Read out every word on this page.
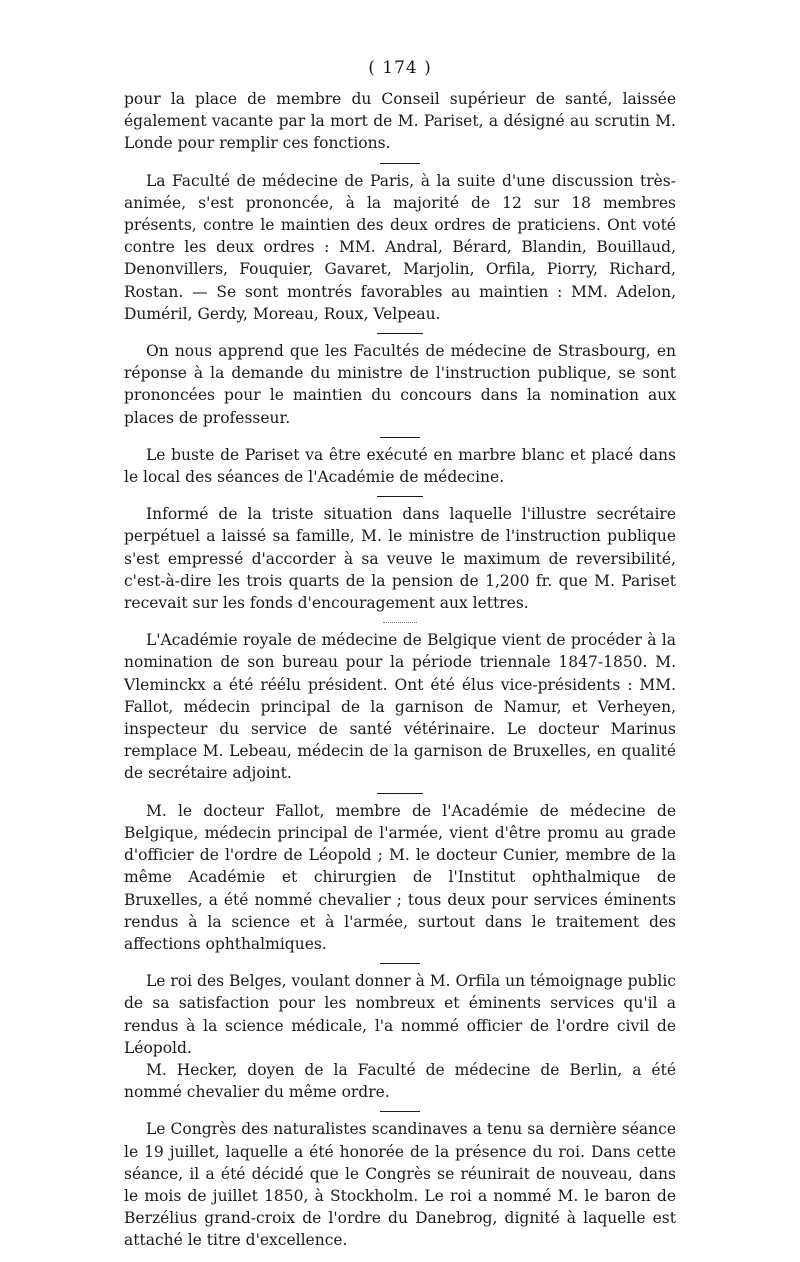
( 174 )

pour la place de membre du Conseil supérieur de santé, laissée également vacante par la mort de M. Pariset, a désigné au scrutin M. Londe pour remplir ces fonctions.

La Faculté de médecine de Paris, à la suite d'une discussion très-animée, s'est prononcée, à la majorité de 12 sur 18 membres présents, contre le maintien des deux ordres de praticiens. Ont voté contre les deux ordres : MM. Andral, Bérard, Blandin, Bouillaud, Denonvillers, Fouquier, Gavaret, Marjolin, Orfila, Piorry, Richard, Rostan. — Se sont montrés favorables au maintien : MM. Adelon, Duméril, Gerdy, Moreau, Roux, Velpeau.

On nous apprend que les Facultés de médecine de Strasbourg, en réponse à la demande du ministre de l'instruction publique, se sont prononcées pour le maintien du concours dans la nomination aux places de professeur.

Le buste de Pariset va être exécuté en marbre blanc et placé dans le local des séances de l'Académie de médecine.

Informé de la triste situation dans laquelle l'illustre secrétaire perpétuel a laissé sa famille, M. le ministre de l'instruction publique s'est empressé d'accorder à sa veuve le maximum de reversibilité, c'est-à-dire les trois quarts de la pension de 1,200 fr. que M. Pariset recevait sur les fonds d'encouragement aux lettres.

L'Académie royale de médecine de Belgique vient de procéder à la nomination de son bureau pour la période triennale 1847-1850. M. Vleminckx a été réélu président. Ont été élus vice-présidents : MM. Fallot, médecin principal de la garnison de Namur, et Verheyen, inspecteur du service de santé vétérinaire. Le docteur Marinus remplace M. Lebeau, médecin de la garnison de Bruxelles, en qualité de secrétaire adjoint.

M. le docteur Fallot, membre de l'Académie de médecine de Belgique, médecin principal de l'armée, vient d'être promu au grade d'officier de l'ordre de Léopold ; M. le docteur Cunier, membre de la même Académie et chirurgien de l'Institut ophthalmique de Bruxelles, a été nommé chevalier ; tous deux pour services éminents rendus à la science et à l'armée, surtout dans le traitement des affections ophthalmiques.

Le roi des Belges, voulant donner à M. Orfila un témoignage public de sa satisfaction pour les nombreux et éminents services qu'il a rendus à la science médicale, l'a nommé officier de l'ordre civil de Léopold.

M. Hecker, doyen de la Faculté de médecine de Berlin, a été nommé chevalier du même ordre.

Le Congrès des naturalistes scandinaves a tenu sa dernière séance le 19 juillet, laquelle a été honorée de la présence du roi. Dans cette séance, il a été décidé que le Congrès se réunirait de nouveau, dans le mois de juillet 1850, à Stockholm. Le roi a nommé M. le baron de Berzélius grand-croix de l'ordre du Danebrog, dignité à laquelle est attaché le titre d'excellence.
